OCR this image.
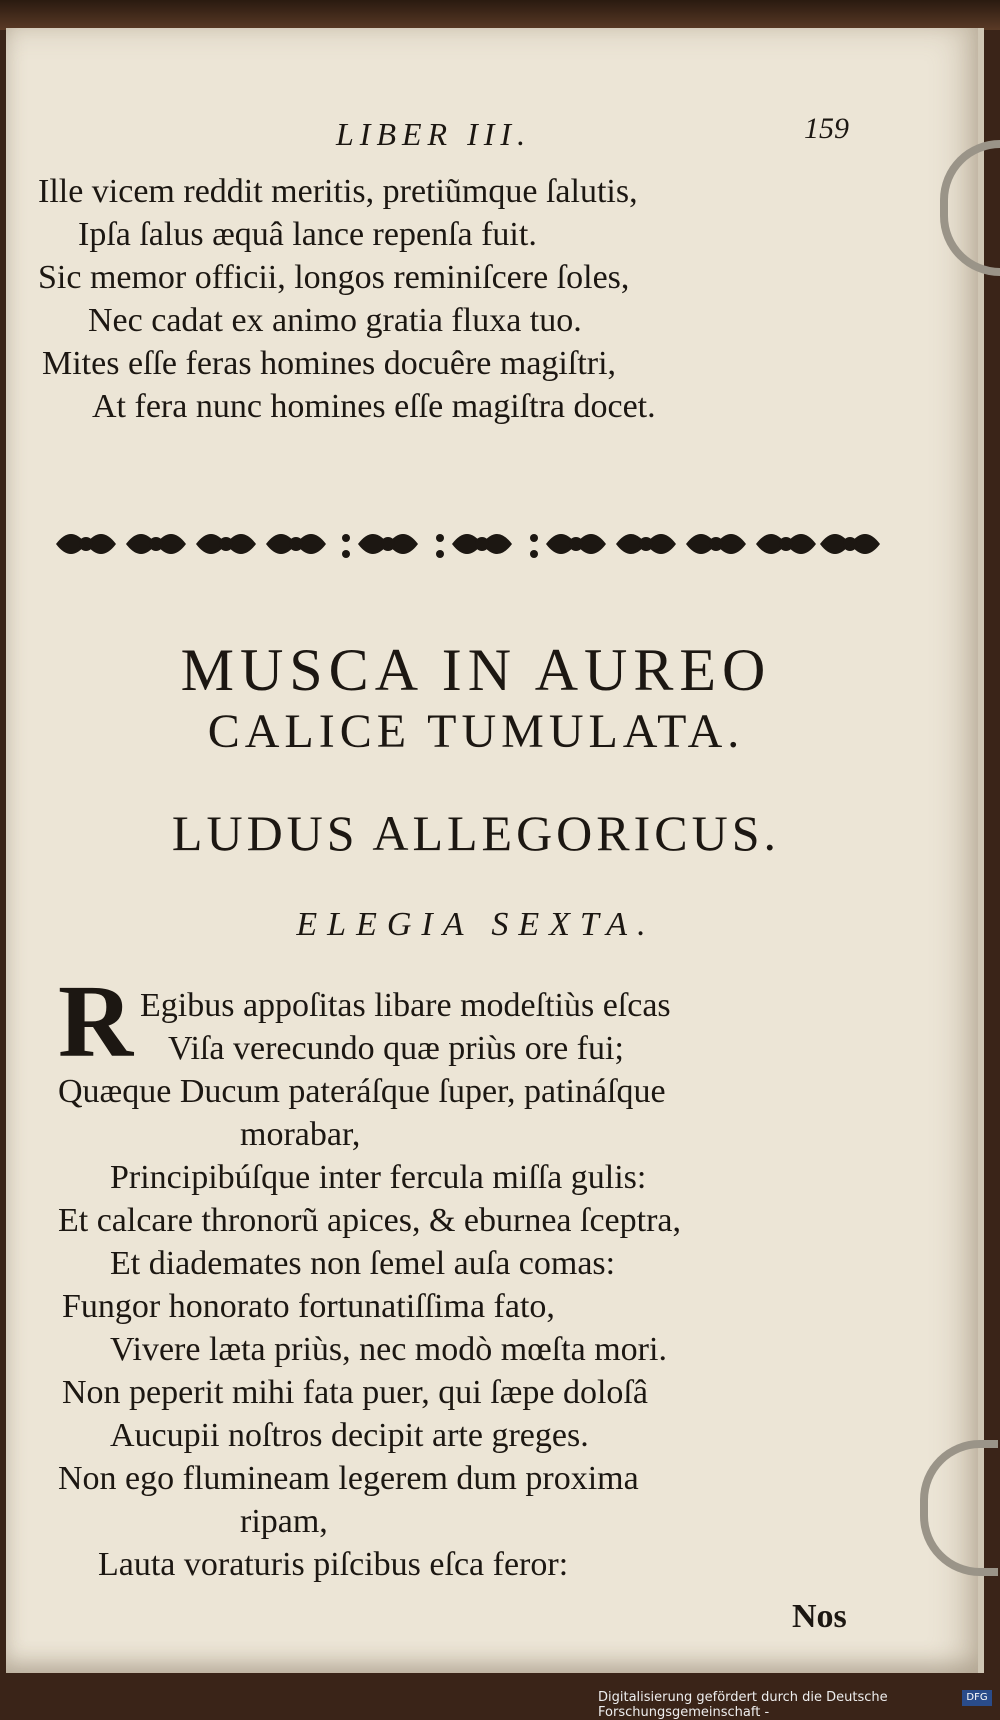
LIBER III.	159
Ille vicem reddit meritis, pretiũmque ſalutis,
Ipſa ſalus æquâ lance repenſa fuit.
Sic memor officii, longos reminiſcere ſoles,
Nec cadat ex animo gratia fluxa tuo.
Mites eſſe feras homines docuêre magiſtri,
At fera nunc homines eſſe magiſtra docet.
MUSCA IN AUREO
CALICE TUMULATA.
LUDUS ALLEGORICUS.
ELEGIA SEXTA.
R Egibus appoſitas libare modeſtiùs eſcas
Viſa verecundo quæ priùs ore fui;
Quæque Ducum pateráſque ſuper, patináſque
morabar,
Principibúſque inter fercula miſſa gulis:
Et calcare thronorũ apices, & eburnea ſceptra,
Et diademates non ſemel auſa comas:
Fungor honorato fortunatiſſima fato,
Vivere læta priùs, nec modò mœſta mori.
Non peperit mihi fata puer, qui ſæpe doloſâ
Aucupii noſtros decipit arte greges.
Non ego flumineam legerem dum proxima
ripam,
Lauta voraturis piſcibus eſca feror:
Nos
Digitalisierung gefördert durch die Deutsche Forschungsgemeinschaft -
DFG
